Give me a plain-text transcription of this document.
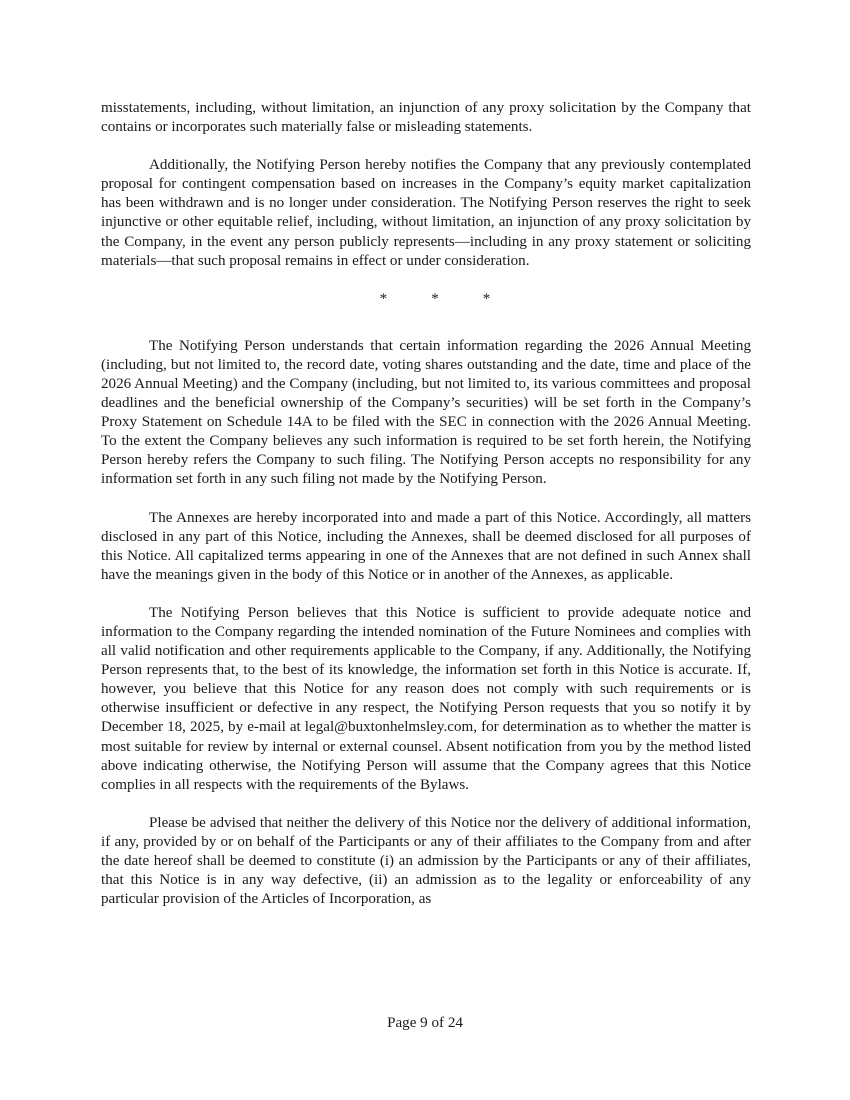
misstatements, including, without limitation, an injunction of any proxy solicitation by the Company that contains or incorporates such materially false or misleading statements.

Additionally, the Notifying Person hereby notifies the Company that any previously contemplated proposal for contingent compensation based on increases in the Company’s equity market capitalization has been withdrawn and is no longer under consideration. The Notifying Person reserves the right to seek injunctive or other equitable relief, including, without limitation, an injunction of any proxy solicitation by the Company, in the event any person publicly represents—including in any proxy statement or soliciting materials—that such proposal remains in effect or under consideration.

*	*	*

The Notifying Person understands that certain information regarding the 2026 Annual Meeting (including, but not limited to, the record date, voting shares outstanding and the date, time and place of the 2026 Annual Meeting) and the Company (including, but not limited to, its various committees and proposal deadlines and the beneficial ownership of the Company’s securities) will be set forth in the Company’s Proxy Statement on Schedule 14A to be filed with the SEC in connection with the 2026 Annual Meeting. To the extent the Company believes any such information is required to be set forth herein, the Notifying Person hereby refers the Company to such filing. The Notifying Person accepts no responsibility for any information set forth in any such filing not made by the Notifying Person.

The Annexes are hereby incorporated into and made a part of this Notice. Accordingly, all matters disclosed in any part of this Notice, including the Annexes, shall be deemed disclosed for all purposes of this Notice. All capitalized terms appearing in one of the Annexes that are not defined in such Annex shall have the meanings given in the body of this Notice or in another of the Annexes, as applicable.

The Notifying Person believes that this Notice is sufficient to provide adequate notice and information to the Company regarding the intended nomination of the Future Nominees and complies with all valid notification and other requirements applicable to the Company, if any. Additionally, the Notifying Person represents that, to the best of its knowledge, the information set forth in this Notice is accurate. If, however, you believe that this Notice for any reason does not comply with such requirements or is otherwise insufficient or defective in any respect, the Notifying Person requests that you so notify it by December 18, 2025, by e-mail at legal@buxtonhelmsley.com, for determination as to whether the matter is most suitable for review by internal or external counsel. Absent notification from you by the method listed above indicating otherwise, the Notifying Person will assume that the Company agrees that this Notice complies in all respects with the requirements of the Bylaws.

Please be advised that neither the delivery of this Notice nor the delivery of additional information, if any, provided by or on behalf of the Participants or any of their affiliates to the Company from and after the date hereof shall be deemed to constitute (i) an admission by the Participants or any of their affiliates, that this Notice is in any way defective, (ii) an admission as to the legality or enforceability of any particular provision of the Articles of Incorporation, as

Page 9 of 24
